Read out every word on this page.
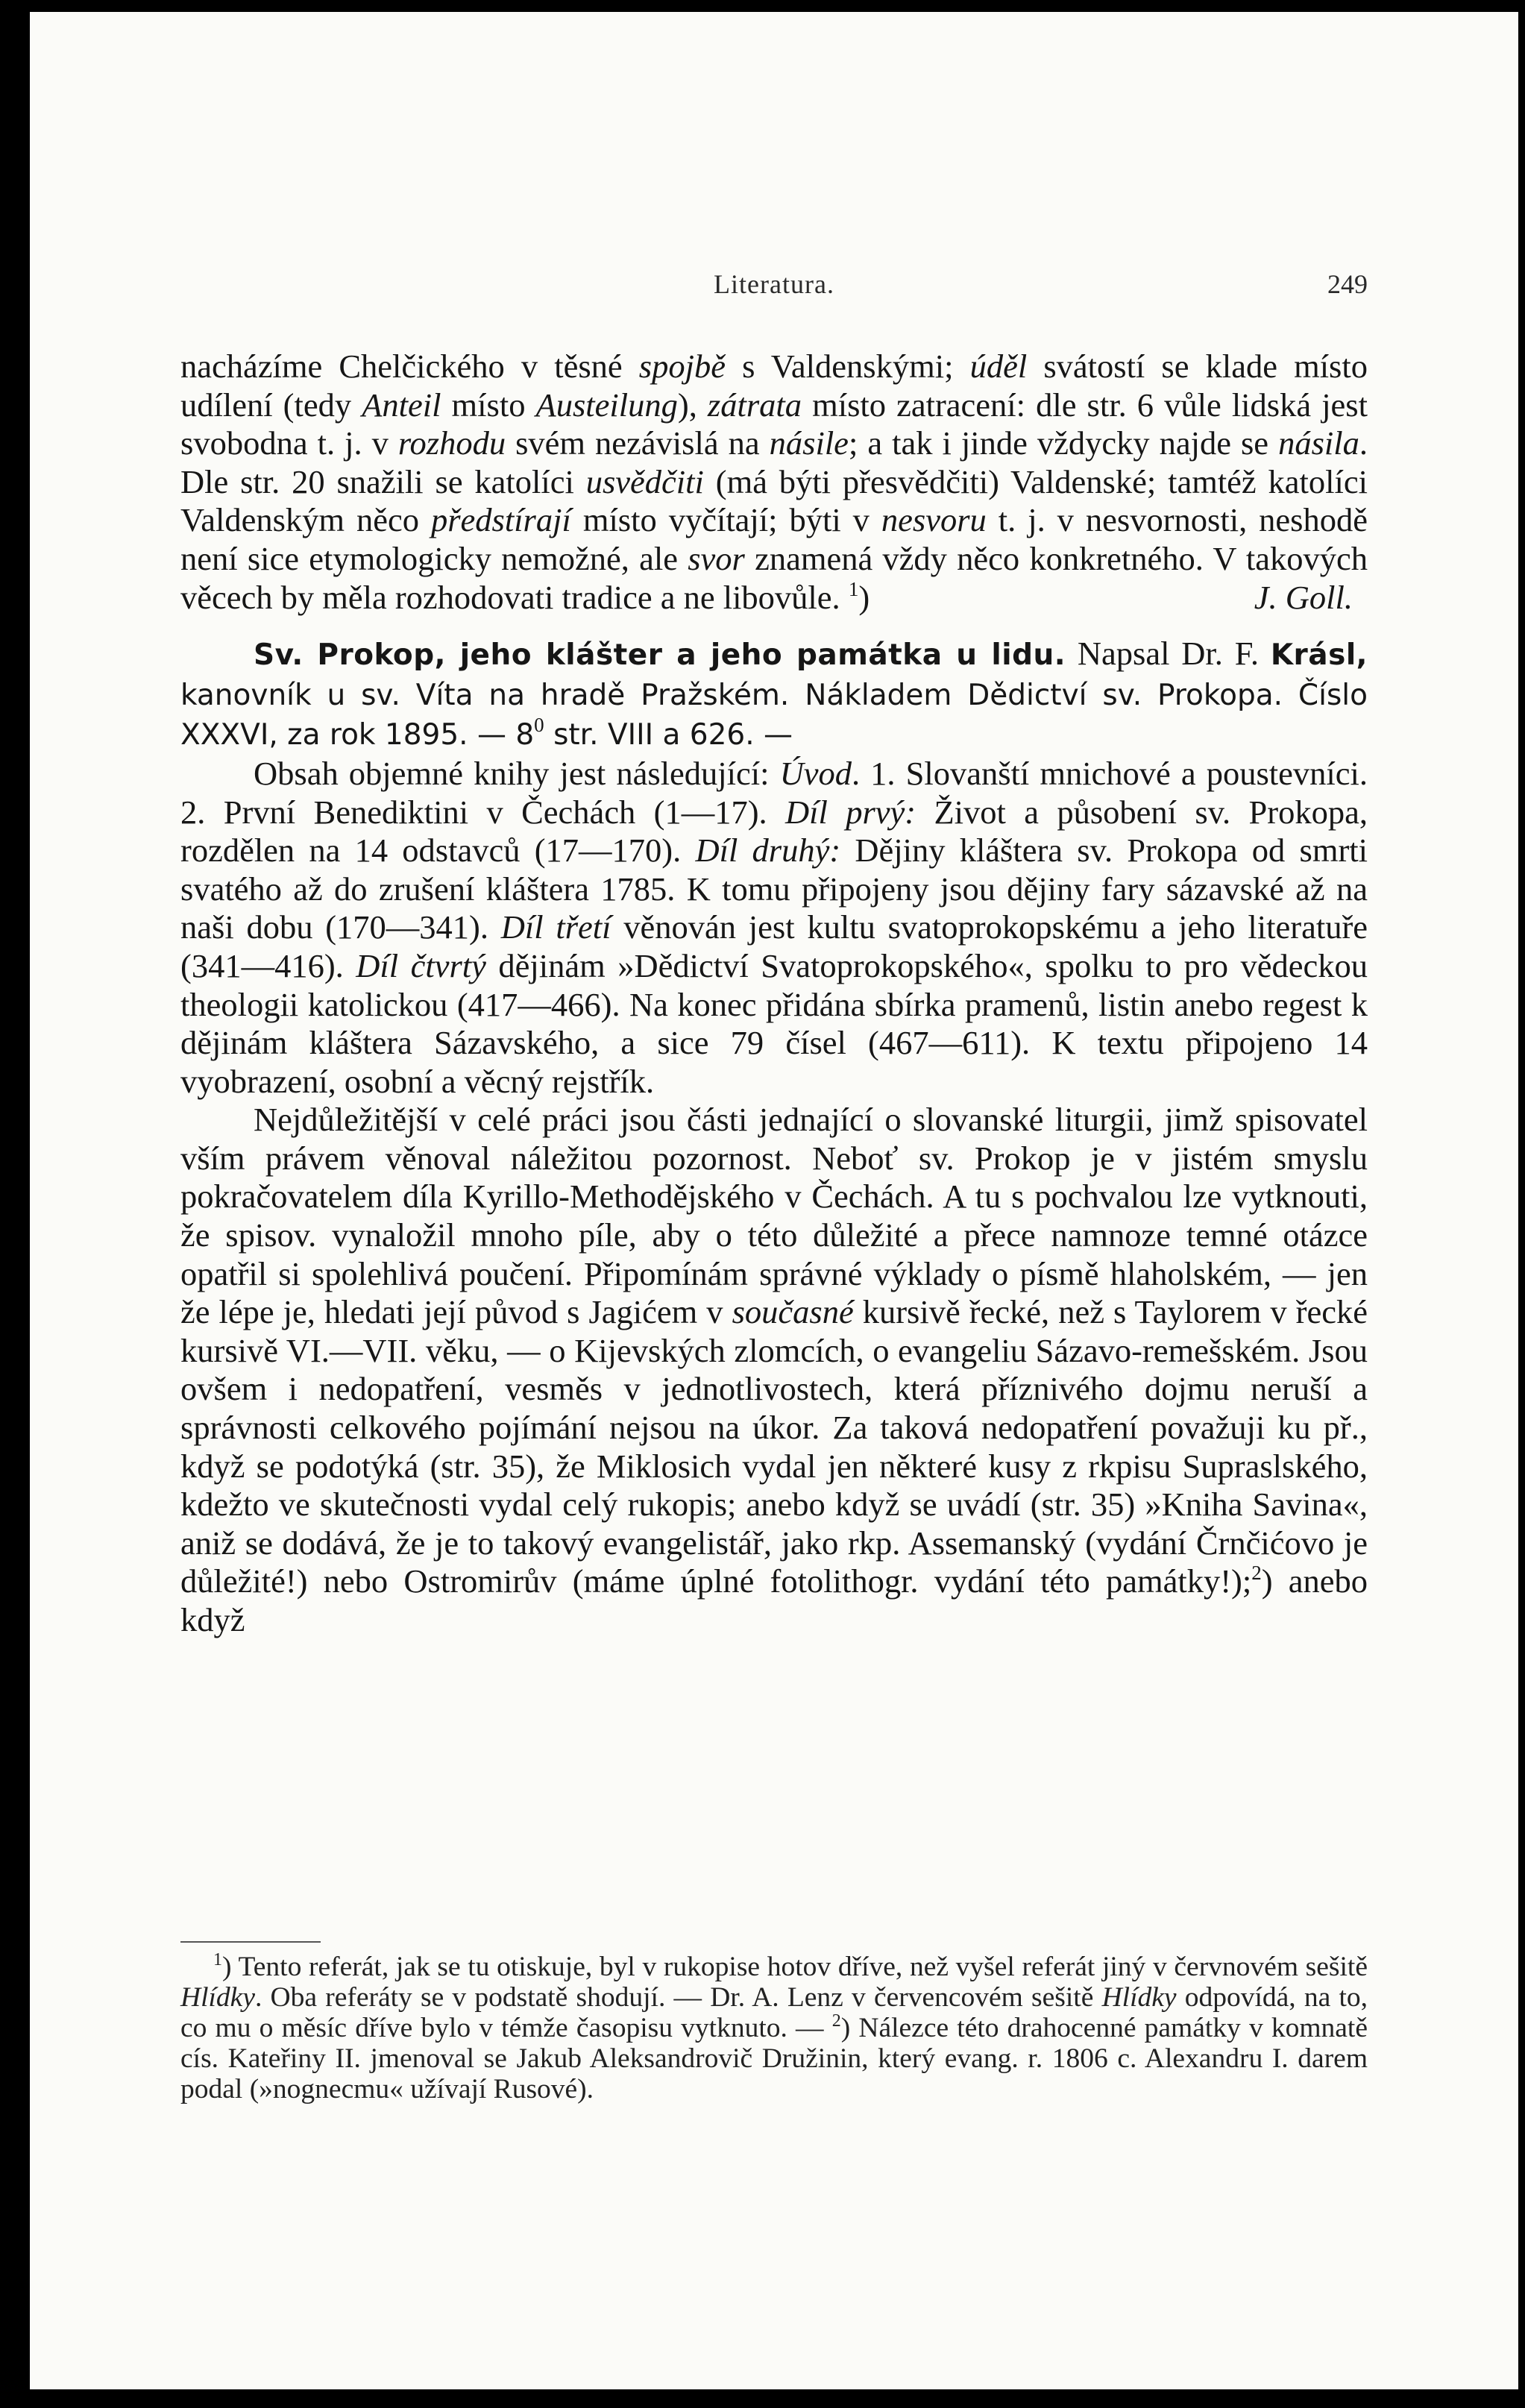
Literatura.	249

nacházíme Chelčického v těsné spojbě s Valdenskými; úděl svátostí se klade místo udílení (tedy Anteil místo Austeilung), zátrata místo zatracení: dle str. 6 vůle lidská jest svobodna t. j. v rozhodu svém nezávislá na násile; a tak i jinde vždycky najde se násila. Dle str. 20 snažili se katolíci usvědčiti (má býti přesvědčiti) Valdenské; tamtéž katolíci Valdenským něco předstírají místo vyčítají; býti v nesvoru t. j. v nesvornosti, neshodě není sice etymologicky nemožné, ale svor znamená vždy něco konkretného. V takových věcech by měla rozhodovati tradice a ne libovůle. $^1$)	J. Goll.

Sv. Prokop, jeho klášter a jeho památka u lidu. Napsal Dr. F. Krásl, kanovník u sv. Víta na hradě Pražském. Nákladem Dědictví sv. Prokopa. Číslo XXXVI, za rok 1895. — $8^0$ str. VIII a 626. —

Obsah objemné knihy jest následující: Úvod. 1. Slovanští mnichové a poustevníci. 2. První Benediktini v Čechách (1—17). Díl prvý: Život a působení sv. Prokopa, rozdělen na 14 odstavců (17—170). Díl druhý: Dějiny kláštera sv. Prokopa od smrti svatého až do zrušení kláštera 1785. K tomu připojeny jsou dějiny fary sázavské až na naši dobu (170—341). Díl třetí věnován jest kultu svatoprokopskému a jeho literatuře (341—416). Díl čtvrtý dějinám »Dědictví Svatoprokopského«, spolku to pro vědeckou theologii katolickou (417—466). Na konec přidána sbírka pramenů, listin anebo regest k dějinám kláštera Sázavského, a sice 79 čísel (467—611). K textu připojeno 14 vyobrazení, osobní a věcný rejstřík.

Nejdůležitější v celé práci jsou části jednající o slovanské liturgii, jimž spisovatel vším právem věnoval náležitou pozornost. Neboť sv. Prokop je v jistém smyslu pokračovatelem díla Kyrillo-Methodějského v Čechách. A tu s pochvalou lze vytknouti, že spisov. vynaložil mnoho píle, aby o této důležité a přece namnoze temné otázce opatřil si spolehlivá poučení. Připomínám správné výklady o písmě hlaholském, — jen že lépe je, hledati její původ s Jagićem v současné kursivě řecké, než s Taylorem v řecké kursivě VI.—VII. věku, — o Kijevských zlomcích, o evangeliu Sázavo-remešském. Jsou ovšem i nedopatření, vesměs v jednotlivostech, která příznivého dojmu neruší a správnosti celkového pojímání nejsou na úkor. Za taková nedopatření považuji ku př., když se podotýká (str. 35), že Miklosich vydal jen některé kusy z rkpisu Supraslského, kdežto ve skutečnosti vydal celý rukopis; anebo když se uvádí (str. 35) »Kniha Savina«, aniž se dodává, že je to takový evangelistář, jako rkp. Assemanský (vydání Črnčićovo je důležité!) nebo Ostromirův (máme úplné fotolithogr. vydání této památky!);$^2$) anebo když

$^1$) Tento referát, jak se tu otiskuje, byl v rukopise hotov dříve, než vyšel referát jiný v červnovém sešitě Hlídky. Oba referáty se v podstatě shodují. — Dr. A. Lenz v červencovém sešitě Hlídky odpovídá, na to, co mu o měsíc dříve bylo v témže časopisu vytknuto. — $^2$) Nálezce této drahocenné památky v komnatě cís. Kateřiny II. jmenoval se Jakub Aleksandrovič Družinin, který evang. r. 1806 c. Alexandru I. darem podal (»nognecmu« užívají Rusové).
